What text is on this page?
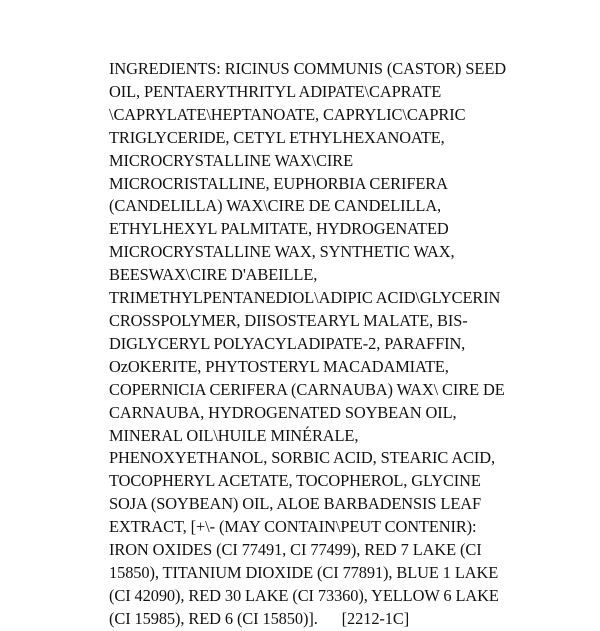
INGREDIENTS: RICINUS COMMUNIS (CASTOR) SEED
OIL, PENTAERYTHRITYL ADIPATE\CAPRATE
\CAPRYLATE\HEPTANOATE, CAPRYLIC\CAPRIC
TRIGLYCERIDE, CETYL ETHYLHEXANOATE,
MICROCRYSTALLINE WAX\CIRE
MICROCRISTALLINE, EUPHORBIA CERIFERA
(CANDELILLA) WAX\CIRE DE CANDELILLA,
ETHYLHEXYL PALMITATE, HYDROGENATED
MICROCRYSTALLINE WAX, SYNTHETIC WAX,
BEESWAX\CIRE D'ABEILLE,
TRIMETHYLPENTANEDIOL\ADIPIC ACID\GLYCERIN
CROSSPOLYMER, DIISOSTEARYL MALATE, BIS-
DIGLYCERYL POLYACYLADIPATE-2, PARAFFIN,
OzOKERITE, PHYTOSTERYL MACADAMIATE,
COPERNICIA CERIFERA (CARNAUBA) WAX\ CIRE DE
CARNAUBA, HYDROGENATED SOYBEAN OIL,
MINERAL OIL\HUILE MINÉRALE,
PHENOXYETHANOL, SORBIC ACID, STEARIC ACID,
TOCOPHERYL ACETATE, TOCOPHEROL, GLYCINE
SOJA (SOYBEAN) OIL, ALOE BARBADENSIS LEAF
EXTRACT, [+\- (MAY CONTAIN\PEUT CONTENIR):
IRON OXIDES (CI 77491, CI 77499), RED 7 LAKE (CI
15850), TITANIUM DIOXIDE (CI 77891), BLUE 1 LAKE
(CI 42090), RED 30 LAKE (CI 73360), YELLOW 6 LAKE
(CI 15985), RED 6 (CI 15850)].      [2212-1C]
